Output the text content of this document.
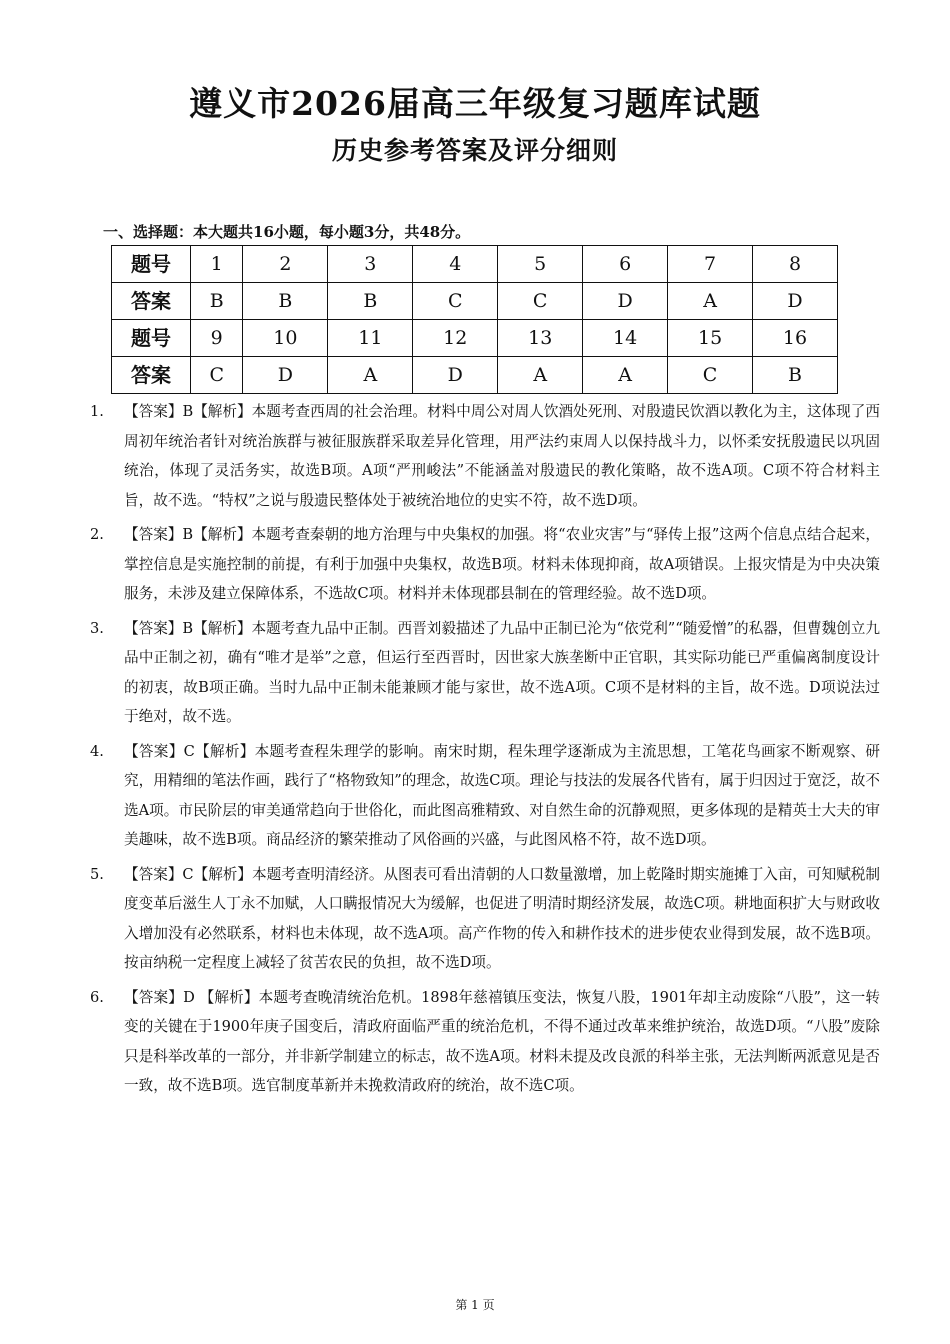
遵义市2026届高三年级复习题库试题
历史参考答案及评分细则
一、选择题：本大题共16小题，每小题3分，共48分。
题号	1	2	3	4	5	6	7	8
答案	B	B	B	C	C	D	A	D
题号	9	10	11	12	13	14	15	16
答案	C	D	A	D	A	A	C	B
1. 【答案】B【解析】本题考查西周的社会治理。材料中周公对周人饮酒处死刑、对殷遗民饮酒以教化为主，这体现了西周初年统治者针对统治族群与被征服族群采取差异化管理，用严法约束周人以保持战斗力，以怀柔安抚殷遗民以巩固统治，体现了灵活务实，故选B项。A项“严刑峻法”不能涵盖对殷遗民的教化策略，故不选A项。C项不符合材料主旨，故不选。“特权”之说与殷遗民整体处于被统治地位的史实不符，故不选D项。
2. 【答案】B【解析】本题考查秦朝的地方治理与中央集权的加强。将“农业灾害”与“驿传上报”这两个信息点结合起来，掌控信息是实施控制的前提，有利于加强中央集权，故选B项。材料未体现抑商，故A项错误。上报灾情是为中央决策服务，未涉及建立保障体系，不选故C项。材料并未体现郡县制在的管理经验。故不选D项。
3. 【答案】B【解析】本题考查九品中正制。西晋刘毅描述了九品中正制已沦为“依党利”“随爱憎”的私器，但曹魏创立九品中正制之初，确有“唯才是举”之意，但运行至西晋时，因世家大族垄断中正官职，其实际功能已严重偏离制度设计的初衷，故B项正确。当时九品中正制未能兼顾才能与家世，故不选A项。C项不是材料的主旨，故不选。D项说法过于绝对，故不选。
4. 【答案】C【解析】本题考查程朱理学的影响。南宋时期，程朱理学逐渐成为主流思想，工笔花鸟画家不断观察、研究，用精细的笔法作画，践行了“格物致知”的理念，故选C项。理论与技法的发展各代皆有，属于归因过于宽泛，故不选A项。市民阶层的审美通常趋向于世俗化，而此图高雅精致、对自然生命的沉静观照，更多体现的是精英士大夫的审美趣味，故不选B项。商品经济的繁荣推动了风俗画的兴盛，与此图风格不符，故不选D项。
5. 【答案】C【解析】本题考查明清经济。从图表可看出清朝的人口数量激增，加上乾隆时期实施摊丁入亩，可知赋税制度变革后滋生人丁永不加赋，人口瞒报情况大为缓解，也促进了明清时期经济发展，故选C项。耕地面积扩大与财政收入增加没有必然联系，材料也未体现，故不选A项。高产作物的传入和耕作技术的进步使农业得到发展，故不选B项。按亩纳税一定程度上减轻了贫苦农民的负担，故不选D项。
6. 【答案】D 【解析】本题考查晚清统治危机。1898年慈禧镇压变法，恢复八股，1901年却主动废除“八股”，这一转变的关键在于1900年庚子国变后，清政府面临严重的统治危机，不得不通过改革来维护统治，故选D项。“八股”废除只是科举改革的一部分，并非新学制建立的标志，故不选A项。材料未提及改良派的科举主张，无法判断两派意见是否一致，故不选B项。选官制度革新并未挽救清政府的统治，故不选C项。
第 1 页
